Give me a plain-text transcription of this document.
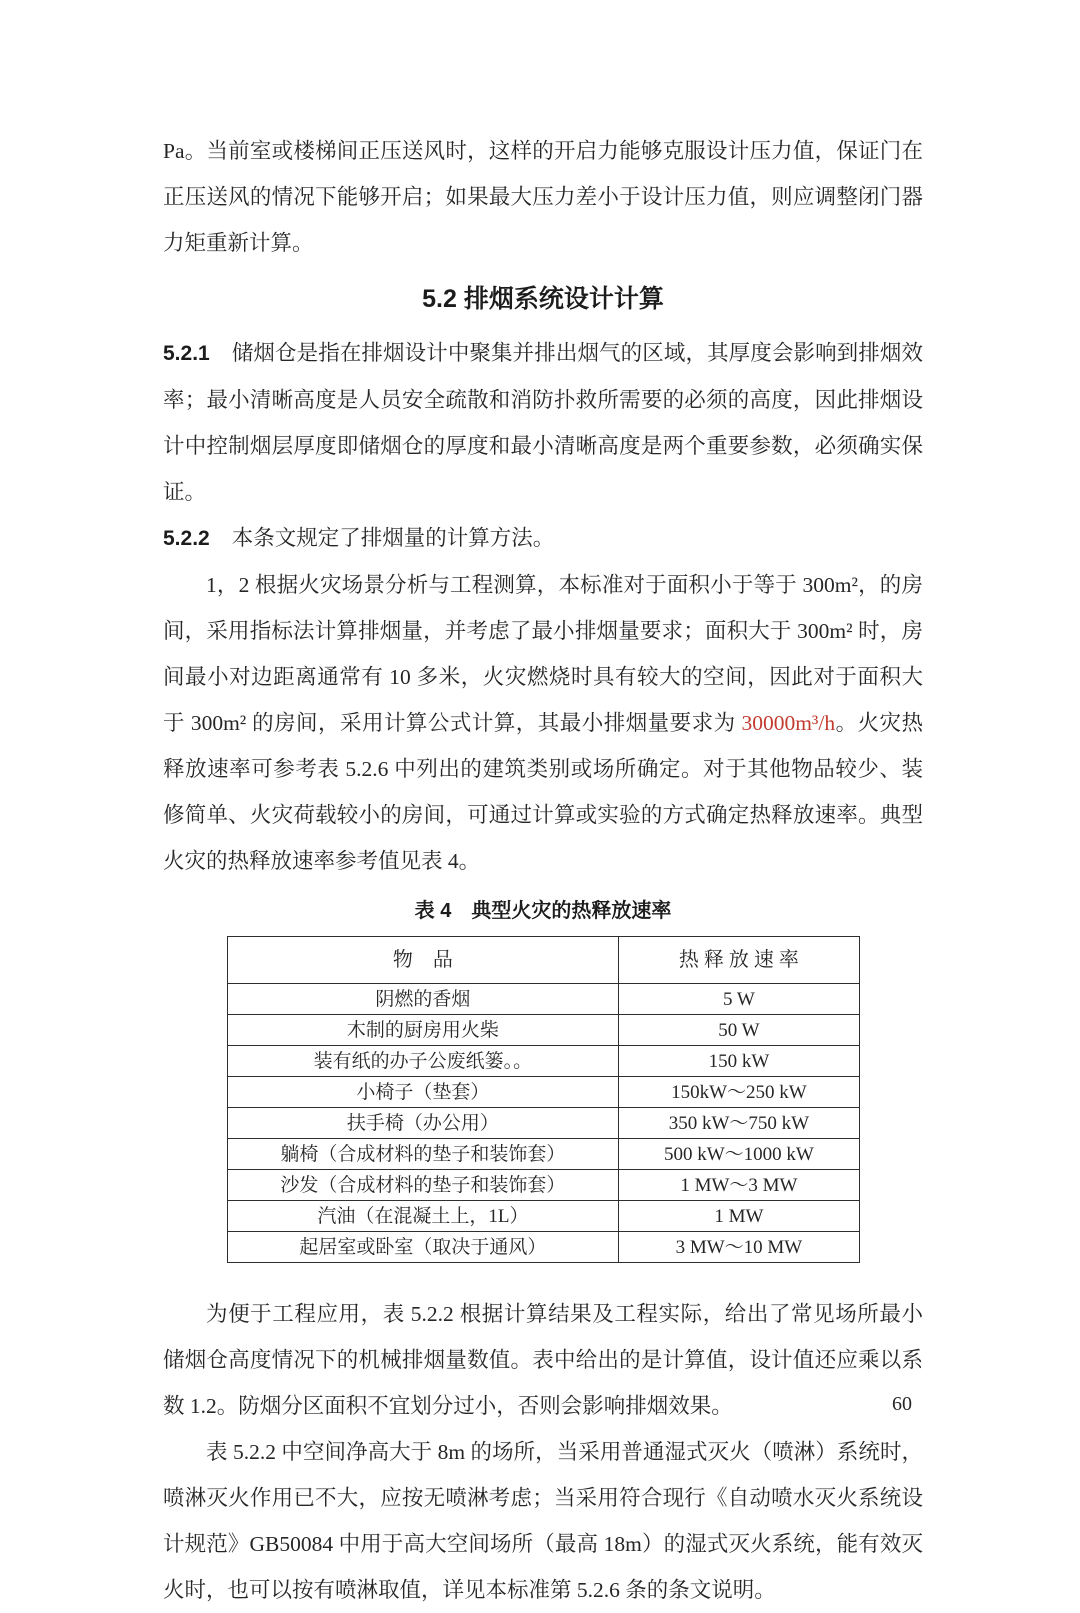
Pa。当前室或楼梯间正压送风时，这样的开启力能够克服设计压力值，保证门在正压送风的情况下能够开启；如果最大压力差小于设计压力值，则应调整闭门器力矩重新计算。

5.2 排烟系统设计计算

5.2.1 储烟仓是指在排烟设计中聚集并排出烟气的区域，其厚度会影响到排烟效率；最小清晰高度是人员安全疏散和消防扑救所需要的必须的高度，因此排烟设计中控制烟层厚度即储烟仓的厚度和最小清晰高度是两个重要参数，必须确实保证。

5.2.2 本条文规定了排烟量的计算方法。

1，2 根据火灾场景分析与工程测算，本标准对于面积小于等于 300m²，的房间，采用指标法计算排烟量，并考虑了最小排烟量要求；面积大于 300m² 时，房间最小对边距离通常有 10 多米，火灾燃烧时具有较大的空间，因此对于面积大于 300m² 的房间，采用计算公式计算，其最小排烟量要求为 30000m³/h。火灾热释放速率可参考表 5.2.6 中列出的建筑类别或场所确定。对于其他物品较少、装修简单、火灾荷载较小的房间，可通过计算或实验的方式确定热释放速率。典型火灾的热释放速率参考值见表 4。

表 4　典型火灾的热释放速率
物　品	热 释 放 速 率
阴燃的香烟	5 W
木制的厨房用火柴	50 W
装有纸的办子公废纸篓。。	150 kW
小椅子（垫套）	150kW～250 kW
扶手椅（办公用）	350 kW～750 kW
躺椅（合成材料的垫子和装饰套）	500 kW～1000 kW
沙发（合成材料的垫子和装饰套）	1 MW～3 MW
汽油（在混凝土上，1L）	1 MW
起居室或卧室（取决于通风）	3 MW～10 MW

为便于工程应用，表 5.2.2 根据计算结果及工程实际，给出了常见场所最小储烟仓高度情况下的机械排烟量数值。表中给出的是计算值，设计值还应乘以系数 1.2。防烟分区面积不宜划分过小，否则会影响排烟效果。

表 5.2.2 中空间净高大于 8m 的场所，当采用普通湿式灭火（喷淋）系统时，喷淋灭火作用已不大，应按无喷淋考虑；当采用符合现行《自动喷水灭火系统设计规范》GB50084 中用于高大空间场所（最高 18m）的湿式灭火系统，能有效灭火时，也可以按有喷淋取值，详见本标准第 5.2.6 条的条文说明。

60
